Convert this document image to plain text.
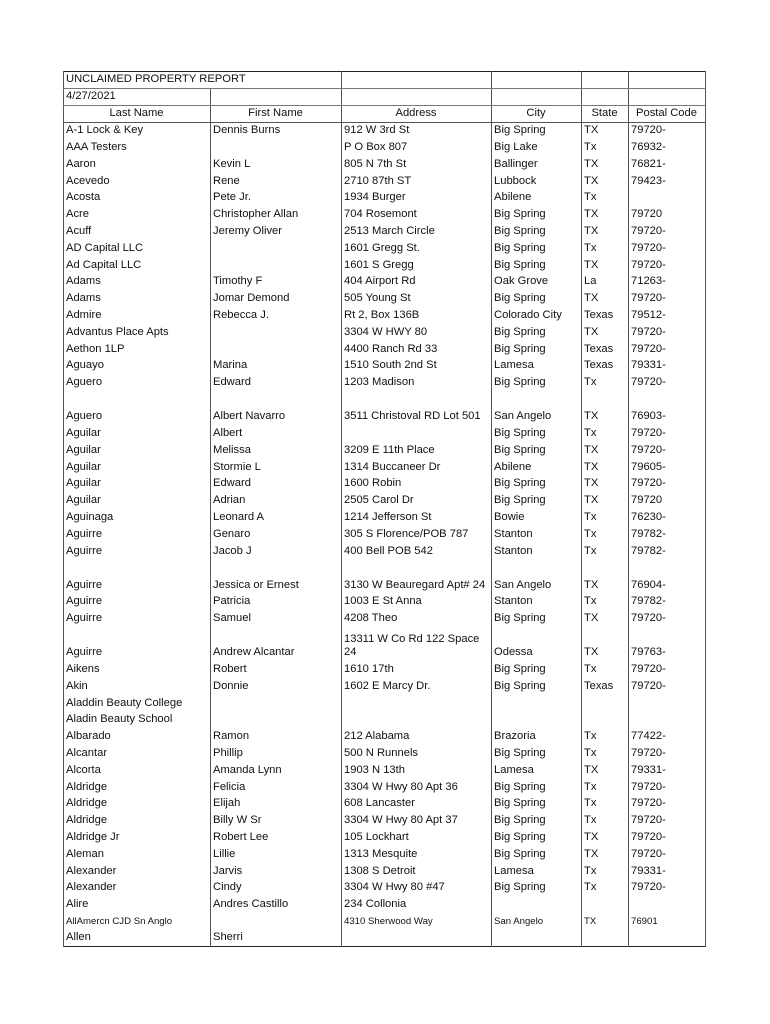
UNCLAIMED PROPERTY REPORT					
4/27/2021					
Last Name	First Name	Address	City	State	Postal Code
A-1 Lock & Key	Dennis Burns	912 W 3rd St	Big Spring	TX	79720-
AAA Testers		P O Box 807	Big Lake	Tx	76932-
Aaron	Kevin L	805 N 7th St	Ballinger	TX	76821-
Acevedo	Rene	2710 87th ST	Lubbock	TX	79423-
Acosta	Pete Jr.	1934 Burger	Abilene	Tx	
Acre	Christopher Allan	704 Rosemont	Big Spring	TX	79720
Acuff	Jeremy Oliver	2513 March Circle	Big Spring	TX	79720-
AD Capital LLC		1601 Gregg St.	Big Spring	Tx	79720-
Ad Capital LLC		1601 S Gregg	Big Spring	TX	79720-
Adams	Timothy F	404 Airport Rd	Oak Grove	La	71263-
Adams	Jomar Demond	505 Young St	Big Spring	TX	79720-
Admire	Rebecca J.	Rt 2, Box 136B	Colorado City	Texas	79512-
Advantus Place Apts		3304 W HWY 80	Big Spring	TX	79720-
Aethon 1LP		4400 Ranch Rd 33	Big Spring	Texas	79720-
Aguayo	Marina	1510 South 2nd St	Lamesa	Texas	79331-
Aguero	Edward	1203 Madison	Big Spring	Tx	79720-
Aguero	Albert Navarro	3511 Christoval RD Lot 501	San Angelo	TX	76903-
Aguilar	Albert		Big Spring	Tx	79720-
Aguilar	Melissa	3209 E 11th Place	Big Spring	TX	79720-
Aguilar	Stormie L	1314 Buccaneer Dr	Abilene	TX	79605-
Aguilar	Edward	1600 Robin	Big Spring	TX	79720-
Aguilar	Adrian	2505 Carol Dr	Big Spring	TX	79720
Aguinaga	Leonard A	1214 Jefferson St	Bowie	Tx	76230-
Aguirre	Genaro	305 S Florence/POB 787	Stanton	Tx	79782-
Aguirre	Jacob J	400 Bell POB 542	Stanton	Tx	79782-
Aguirre	Jessica or Ernest	3130 W Beauregard Apt# 24	San Angelo	TX	76904-
Aguirre	Patricia	1003 E St Anna	Stanton	Tx	79782-
Aguirre	Samuel	4208 Theo	Big Spring	TX	79720-
Aguirre	Andrew Alcantar	13311 W Co Rd 122 Space 24	Odessa	TX	79763-
Aikens	Robert	1610 17th	Big Spring	Tx	79720-
Akin	Donnie	1602 E Marcy Dr.	Big Spring	Texas	79720-
Aladdin Beauty College					
Aladin Beauty School					
Albarado	Ramon	212 Alabama	Brazoria	Tx	77422-
Alcantar	Phillip	500 N Runnels	Big Spring	Tx	79720-
Alcorta	Amanda Lynn	1903 N 13th	Lamesa	TX	79331-
Aldridge	Felicia	3304 W Hwy 80 Apt 36	Big Spring	Tx	79720-
Aldridge	Elijah	608 Lancaster	Big Spring	Tx	79720-
Aldridge	Billy W Sr	3304 W Hwy 80 Apt 37	Big Spring	Tx	79720-
Aldridge Jr	Robert Lee	105 Lockhart	Big Spring	TX	79720-
Aleman	Lillie	1313 Mesquite	Big Spring	TX	79720-
Alexander	Jarvis	1308 S Detroit	Lamesa	Tx	79331-
Alexander	Cindy	3304 W Hwy 80 #47	Big Spring	Tx	79720-
Alire	Andres Castillo	234 Collonia			
AllAmercn CJD Sn Anglo		4310 Sherwood Way	San Angelo	TX	76901
Allen	Sherri				
